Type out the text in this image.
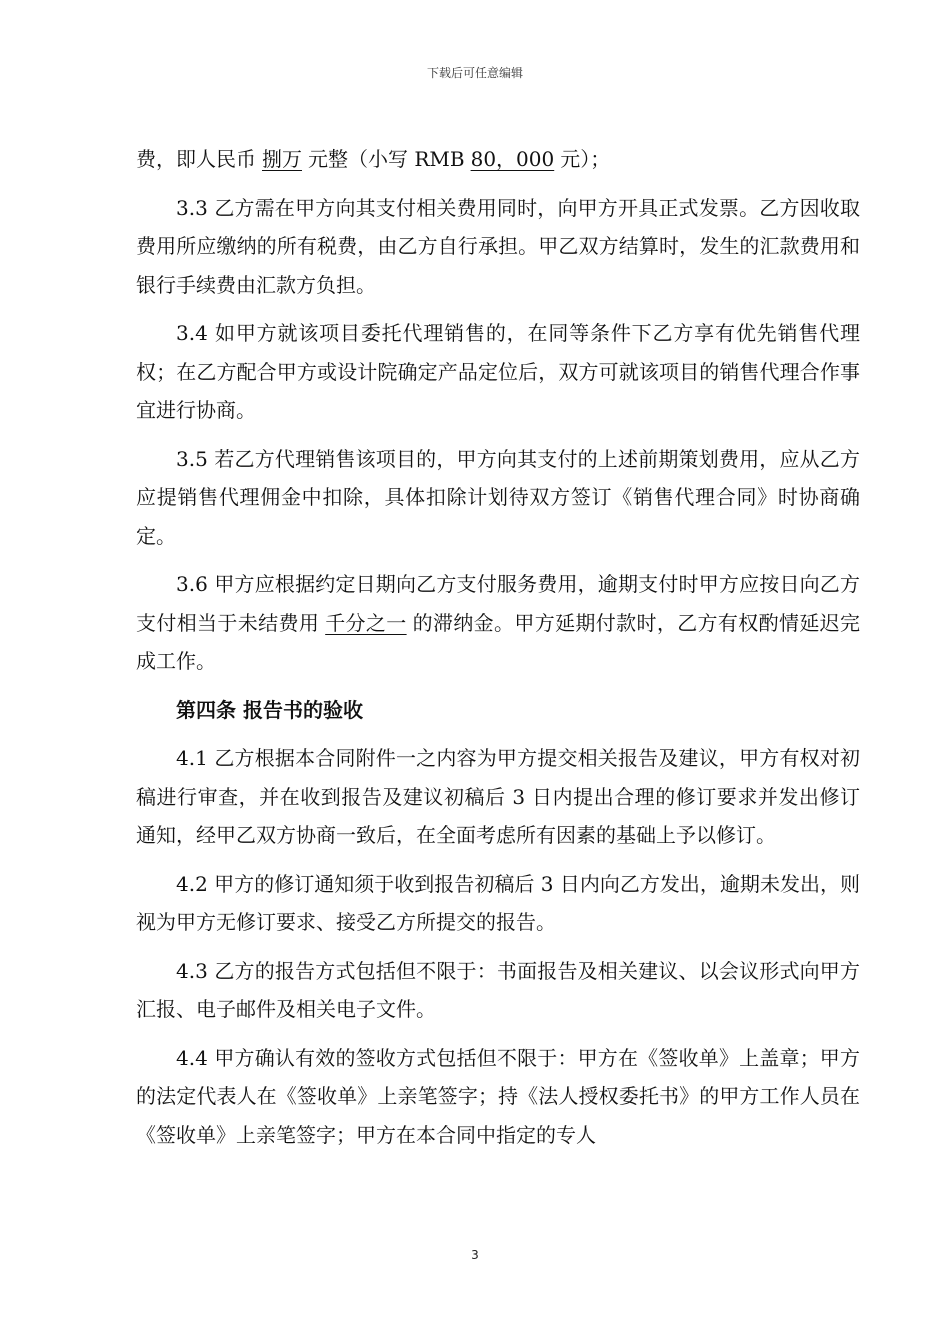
下载后可任意编辑

费，即人民币 捌万 元整（小写 RMB 80，000 元）；

3.3 乙方需在甲方向其支付相关费用同时，向甲方开具正式发票。乙方因收取费用所应缴纳的所有税费，由乙方自行承担。甲乙双方结算时，发生的汇款费用和银行手续费由汇款方负担。

3.4 如甲方就该项目委托代理销售的，在同等条件下乙方享有优先销售代理权；在乙方配合甲方或设计院确定产品定位后，双方可就该项目的销售代理合作事宜进行协商。

3.5 若乙方代理销售该项目的，甲方向其支付的上述前期策划费用，应从乙方应提销售代理佣金中扣除，具体扣除计划待双方签订《销售代理合同》时协商确定。

3.6 甲方应根据约定日期向乙方支付服务费用，逾期支付时甲方应按日向乙方支付相当于未结费用 千分之一 的滞纳金。甲方延期付款时，乙方有权酌情延迟完成工作。

第四条 报告书的验收

4.1 乙方根据本合同附件一之内容为甲方提交相关报告及建议，甲方有权对初稿进行审查，并在收到报告及建议初稿后 3 日内提出合理的修订要求并发出修订通知，经甲乙双方协商一致后，在全面考虑所有因素的基础上予以修订。

4.2 甲方的修订通知须于收到报告初稿后 3 日内向乙方发出，逾期未发出，则视为甲方无修订要求、接受乙方所提交的报告。

4.3 乙方的报告方式包括但不限于：书面报告及相关建议、以会议形式向甲方汇报、电子邮件及相关电子文件。

4.4 甲方确认有效的签收方式包括但不限于：甲方在《签收单》上盖章；甲方的法定代表人在《签收单》上亲笔签字；持《法人授权委托书》的甲方工作人员在《签收单》上亲笔签字；甲方在本合同中指定的专人

3
